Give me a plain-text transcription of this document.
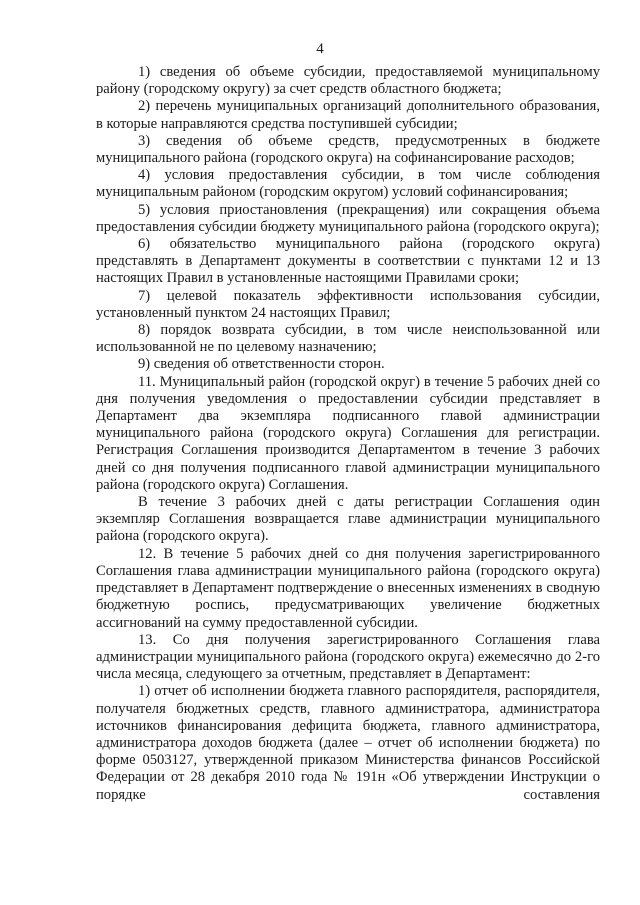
4

1) сведения об объеме субсидии, предоставляемой муниципальному району (городскому округу) за счет средств областного бюджета;

2) перечень муниципальных организаций дополнительного образования, в которые направляются средства поступившей субсидии;

3) сведения об объеме средств, предусмотренных в бюджете муниципального района (городского округа) на софинансирование расходов;

4) условия предоставления субсидии, в том числе соблюдения муниципальным районом (городским округом) условий софинансирования;

5) условия приостановления (прекращения) или сокращения объема предоставления субсидии бюджету муниципального района (городского округа);

6) обязательство муниципального района (городского округа) представлять в Департамент документы в соответствии с пунктами 12 и 13 настоящих Правил в установленные настоящими Правилами сроки;

7) целевой показатель эффективности использования субсидии, установленный пунктом 24 настоящих Правил;

8) порядок возврата субсидии, в том числе неиспользованной или использованной не по целевому назначению;

9) сведения об ответственности сторон.

11. Муниципальный район (городской округ) в течение 5 рабочих дней со дня получения уведомления о предоставлении субсидии представляет в Департамент два экземпляра подписанного главой администрации муниципального района (городского округа) Соглашения для регистрации. Регистрация Соглашения производится Департаментом в течение 3 рабочих дней со дня получения подписанного главой администрации муниципального района (городского округа) Соглашения.

В течение 3 рабочих дней с даты регистрации Соглашения один экземпляр Соглашения возвращается главе администрации муниципального района (городского округа).

12. В течение 5 рабочих дней со дня получения зарегистрированного Соглашения глава администрации муниципального района (городского округа) представляет в Департамент подтверждение о внесенных изменениях в сводную бюджетную роспись, предусматривающих увеличение бюджетных ассигнований на сумму предоставленной субсидии.

13. Со дня получения зарегистрированного Соглашения глава администрации муниципального района (городского округа) ежемесячно до 2-го числа месяца, следующего за отчетным, представляет в Департамент:

1) отчет об исполнении бюджета главного распорядителя, распорядителя, получателя бюджетных средств, главного администратора, администратора источников финансирования дефицита бюджета, главного администратора, администратора доходов бюджета (далее – отчет об исполнении бюджета) по форме 0503127, утвержденной приказом Министерства финансов Российской Федерации от 28 декабря 2010 года № 191н «Об утверждении Инструкции о порядке составления
